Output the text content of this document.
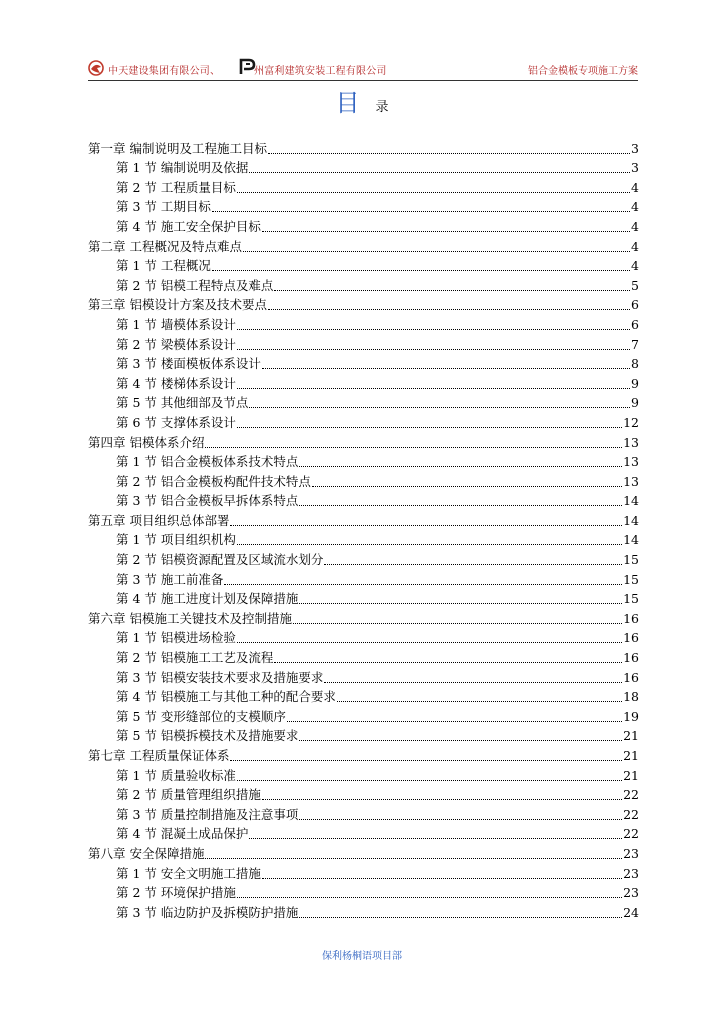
中天建设集团有限公司、	州富利建筑安装工程有限公司	铝合金模板专项施工方案
目 录
第一章 编制说明及工程施工目标	3
第 1 节 编制说明及依据	3
第 2 节 工程质量目标	4
第 3 节 工期目标	4
第 4 节 施工安全保护目标	4
第二章 工程概况及特点难点	4
第 1 节 工程概况	4
第 2 节 铝模工程特点及难点	5
第三章 铝模设计方案及技术要点	6
第 1 节 墙模体系设计	6
第 2 节 梁模体系设计	7
第 3 节 楼面模板体系设计	8
第 4 节 楼梯体系设计	9
第 5 节 其他细部及节点	9
第 6 节 支撑体系设计	12
第四章 铝模体系介绍	13
第 1 节 铝合金模板体系技术特点	13
第 2 节 铝合金模板构配件技术特点	13
第 3 节 铝合金模板早拆体系特点	14
第五章 项目组织总体部署	14
第 1 节 项目组织机构	14
第 2 节 铝模资源配置及区域流水划分	15
第 3 节 施工前准备	15
第 4 节 施工进度计划及保障措施	15
第六章 铝模施工关键技术及控制措施	16
第 1 节 铝模进场检验	16
第 2 节 铝模施工工艺及流程	16
第 3 节 铝模安装技术要求及措施要求	16
第 4 节 铝模施工与其他工种的配合要求	18
第 5 节 变形缝部位的支模顺序	19
第 5 节 铝模拆模技术及措施要求	21
第七章 工程质量保证体系	21
第 1 节 质量验收标准	21
第 2 节 质量管理组织措施	22
第 3 节 质量控制措施及注意事项	22
第 4 节 混凝土成品保护	22
第八章 安全保障措施	23
第 1 节 安全文明施工措施	23
第 2 节 环境保护措施	23
第 3 节 临边防护及拆模防护措施	24
保利杨桐语项目部
